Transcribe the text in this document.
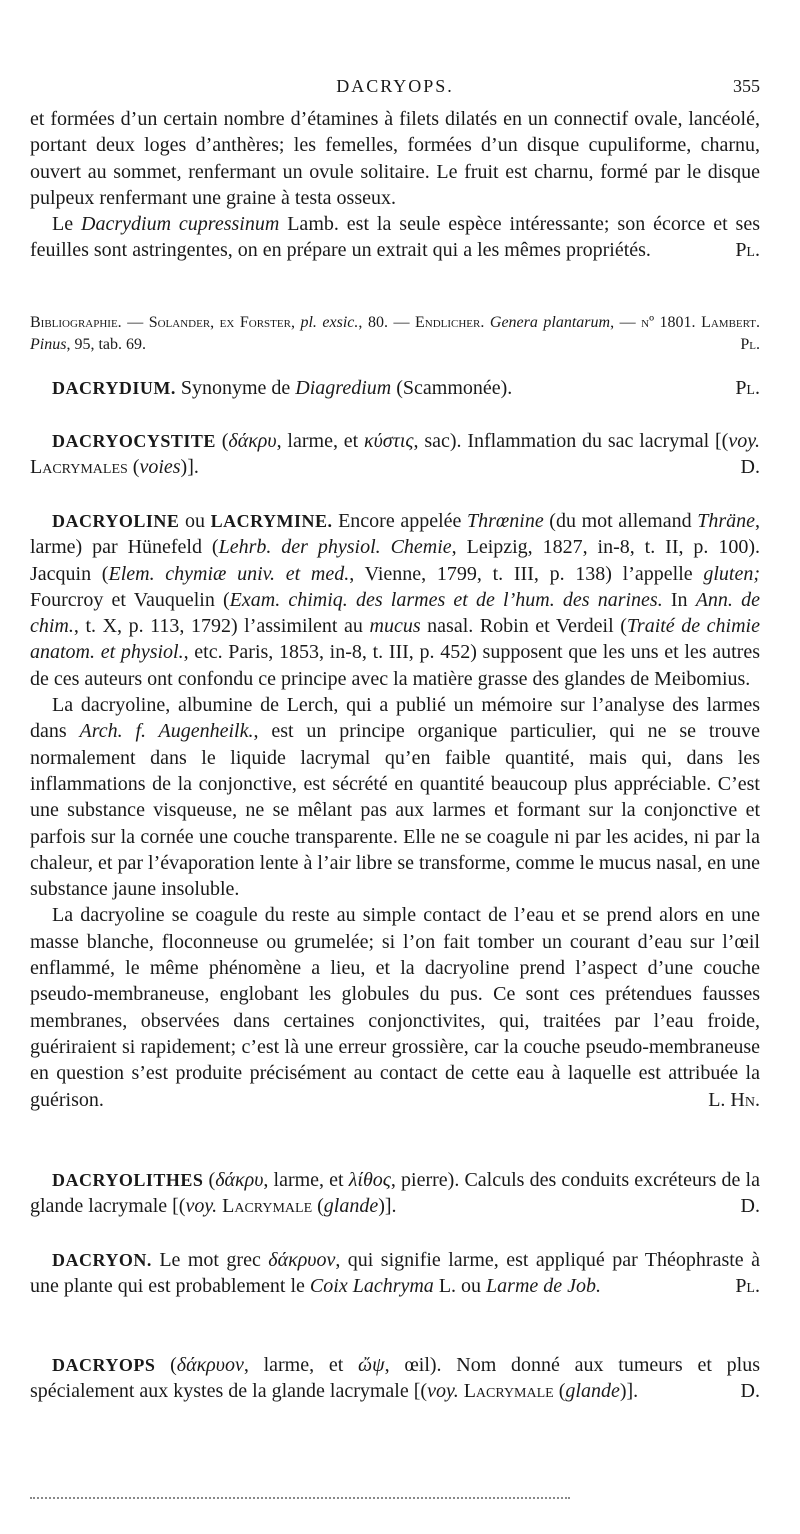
DACRYOPS.	355

et formées d’un certain nombre d’étamines à filets dilatés en un connectif ovale, lancéolé, portant deux loges d’anthères; les femelles, formées d’un disque cupuliforme, charnu, ouvert au sommet, renfermant un ovule solitaire. Le fruit est charnu, formé par le disque pulpeux renfermant une graine à testa osseux.

Le Dacrydium cupressinum Lamb. est la seule espèce intéressante; son écorce et ses feuilles sont astringentes, on en prépare un extrait qui a les mêmes propriétés.	Pl.

Bibliographie. — Solander, ex Forster, pl. exsic., 80. — Endlicher. Genera plantarum, — nº 1801. Lambert. Pinus, 95, tab. 69.	Pl.

DACRYDIUM. Synonyme de Diagredium (Scammonée).	Pl.

DACRYOCYSTITE (δάκρυ, larme, et κύστις, sac). Inflammation du sac lacrymal [(voy. Lacrymales (voies)].	D.

DACRYOLINE ou LACRYMINE. Encore appelée Thrœnine (du mot allemand Thräne, larme) par Hünefeld (Lehrb. der physiol. Chemie, Leipzig, 1827, in-8, t. II, p. 100). Jacquin (Elem. chymiæ univ. et med., Vienne, 1799, t. III, p. 138) l’appelle gluten; Fourcroy et Vauquelin (Exam. chimiq. des larmes et de l’hum. des narines. In Ann. de chim., t. X, p. 113, 1792) l’assimilent au mucus nasal. Robin et Verdeil (Traité de chimie anatom. et physiol., etc. Paris, 1853, in-8, t. III, p. 452) supposent que les uns et les autres de ces auteurs ont confondu ce principe avec la matière grasse des glandes de Meibomius.

La dacryoline, albumine de Lerch, qui a publié un mémoire sur l’analyse des larmes dans Arch. f. Augenheilk., est un principe organique particulier, qui ne se trouve normalement dans le liquide lacrymal qu’en faible quantité, mais qui, dans les inflammations de la conjonctive, est sécrété en quantité beaucoup plus appréciable. C’est une substance visqueuse, ne se mêlant pas aux larmes et formant sur la conjonctive et parfois sur la cornée une couche transparente. Elle ne se coagule ni par les acides, ni par la chaleur, et par l’évaporation lente à l’air libre se transforme, comme le mucus nasal, en une substance jaune insoluble.

La dacryoline se coagule du reste au simple contact de l’eau et se prend alors en une masse blanche, floconneuse ou grumelée; si l’on fait tomber un courant d’eau sur l’œil enflammé, le même phénomène a lieu, et la dacryoline prend l’aspect d’une couche pseudo-membraneuse, englobant les globules du pus. Ce sont ces prétendues fausses membranes, observées dans certaines conjonctivites, qui, traitées par l’eau froide, guériraient si rapidement; c’est là une erreur grossière, car la couche pseudo-membraneuse en question s’est produite précisément au contact de cette eau à laquelle est attribuée la guérison.	L. Hn.

DACRYOLITHES (δάκρυ, larme, et λίθος, pierre). Calculs des conduits excréteurs de la glande lacrymale [(voy. Lacrymale (glande)].	D.

DACRYON. Le mot grec δάκρυον, qui signifie larme, est appliqué par Théophraste à une plante qui est probablement le Coix Lachryma L. ou Larme de Job.	Pl.

DACRYOPS (δάκρυον, larme, et ὤψ, œil). Nom donné aux tumeurs et plus spécialement aux kystes de la glande lacrymale [(voy. Lacrymale (glande)].	D.
